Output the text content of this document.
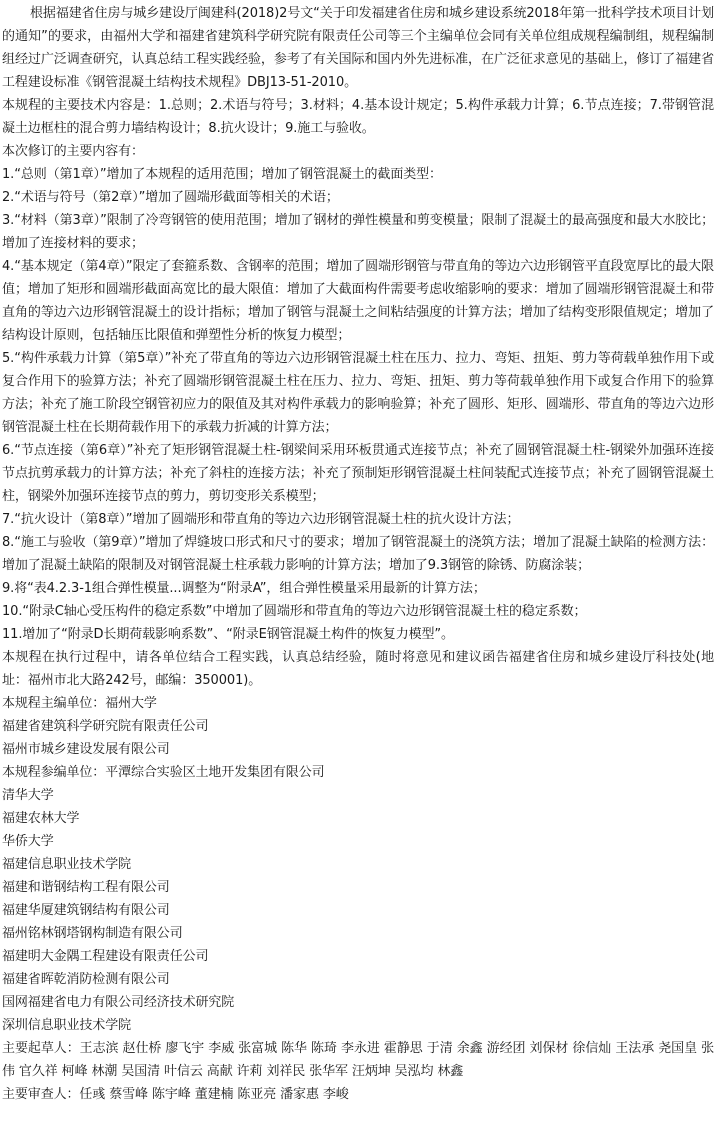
根据福建省住房与城乡建设厅闽建科(2018)2号文“关于印发福建省住房和城乡建设系统2018年第一批科学技术项目计划的通知”的要求，由福州大学和福建省建筑科学研究院有限责任公司等三个主编单位会同有关单位组成规程编制组，规程编制组经过广泛调查研究，认真总结工程实践经验，参考了有关国际和国内外先进标准，在广泛征求意见的基础上，修订了福建省工程建设标准《钢管混凝土结构技术规程》DBJ13-51-2010。

本规程的主要技术内容是：1.总则；2.术语与符号；3.材料；4.基本设计规定；5.构件承载力计算；6.节点连接；7.带钢管混凝土边框柱的混合剪力墙结构设计；8.抗火设计；9.施工与验收。

本次修订的主要内容有：

1.“总则（第1章）”增加了本规程的适用范围；增加了钢管混凝土的截面类型：

2.“术语与符号（第2章）”增加了圆端形截面等相关的术语；

3.“材料（第3章）”限制了冷弯钢管的使用范围；增加了钢材的弹性模量和剪变模量；限制了混凝土的最高强度和最大水胶比；增加了连接材料的要求；

4.“基本规定（第4章）”限定了套箍系数、含钢率的范围；增加了圆端形钢管与带直角的等边六边形钢管平直段宽厚比的最大限值；增加了矩形和圆端形截面高宽比的最大限值：增加了大截面构件需要考虑收缩影响的要求：增加了圆端形钢管混凝土和带直角的等边六边形钢管混凝土的设计指标；增加了钢管与混凝土之间粘结强度的计算方法；增加了结构变形限值规定；增加了结构设计原则，包括轴压比限值和弹塑性分析的恢复力模型；

5.“构件承载力计算（第5章）”补充了带直角的等边六边形钢管混凝土柱在压力、拉力、弯矩、扭矩、剪力等荷载单独作用下或复合作用下的验算方法；补充了圆端形钢管混凝土柱在压力、拉力、弯矩、扭矩、剪力等荷载单独作用下或复合作用下的验算方法；补充了施工阶段空钢管初应力的限值及其对构件承载力的影响验算；补充了圆形、矩形、圆端形、带直角的等边六边形钢管混凝土柱在长期荷载作用下的承载力折减的计算方法；

6.“节点连接（第6章）”补充了矩形钢管混凝土柱-钢梁间采用环板贯通式连接节点；补充了圆钢管混凝土柱-钢梁外加强环连接节点抗剪承载力的计算方法；补充了斜柱的连接方法；补充了预制矩形钢管混凝土柱间装配式连接节点；补充了圆钢管混凝土柱，钢梁外加强环连接节点的剪力，剪切变形关系模型；

7.“抗火设计（第8章）”增加了圆端形和带直角的等边六边形钢管混凝土柱的抗火设计方法；

8.“施工与验收（第9章）”增加了焊缝坡口形式和尺寸的要求；增加了钢管混凝土的浇筑方法；增加了混凝土缺陷的检测方法：增加了混凝土缺陷的限制及对钢管混凝土柱承载力影响的计算方法；增加了9.3钢管的除锈、防腐涂装；

9.将“表4.2.3-1组合弹性模量...调整为“附录A”，组合弹性模量采用最新的计算方法；

10.“附录C轴心受压构件的稳定系数”中增加了圆端形和带直角的等边六边形钢管混凝土柱的稳定系数；

11.增加了“附录D长期荷载影响系数”、“附录E钢管混凝土构件的恢复力模型”。

本规程在执行过程中，请各单位结合工程实践，认真总结经验，随时将意见和建议函告福建省住房和城乡建设厅科技处(地址：福州市北大路242号，邮编：350001)。

本规程主编单位：福州大学

福建省建筑科学研究院有限责任公司

福州市城乡建设发展有限公司

本规程参编单位：平潭综合实验区土地开发集团有限公司

清华大学

福建农林大学

华侨大学

福建信息职业技术学院

福建和谐钢结构工程有限公司

福建华厦建筑钢结构有限公司

福州铭林钢塔钢构制造有限公司

福建明大金隅工程建设有限责任公司

福建省晖乾消防检测有限公司

国网福建省电力有限公司经济技术研究院

深圳信息职业技术学院

主要起草人：王志滨 赵仕桥 廖飞宇 李威 张富城 陈华 陈琦 李永进 霍静思 于清 余鑫 游经团 刘保材 徐信灿 王法承 尧国皇 张伟 官久祥 柯峰 林潮 吴国清 叶信云 高献 许莉 刘祥民 张华军 汪炳坤 吴泓均 林鑫

主要审查人：任彧 蔡雪峰 陈宇峰 董建楠 陈亚亮 潘家惠 李峻
